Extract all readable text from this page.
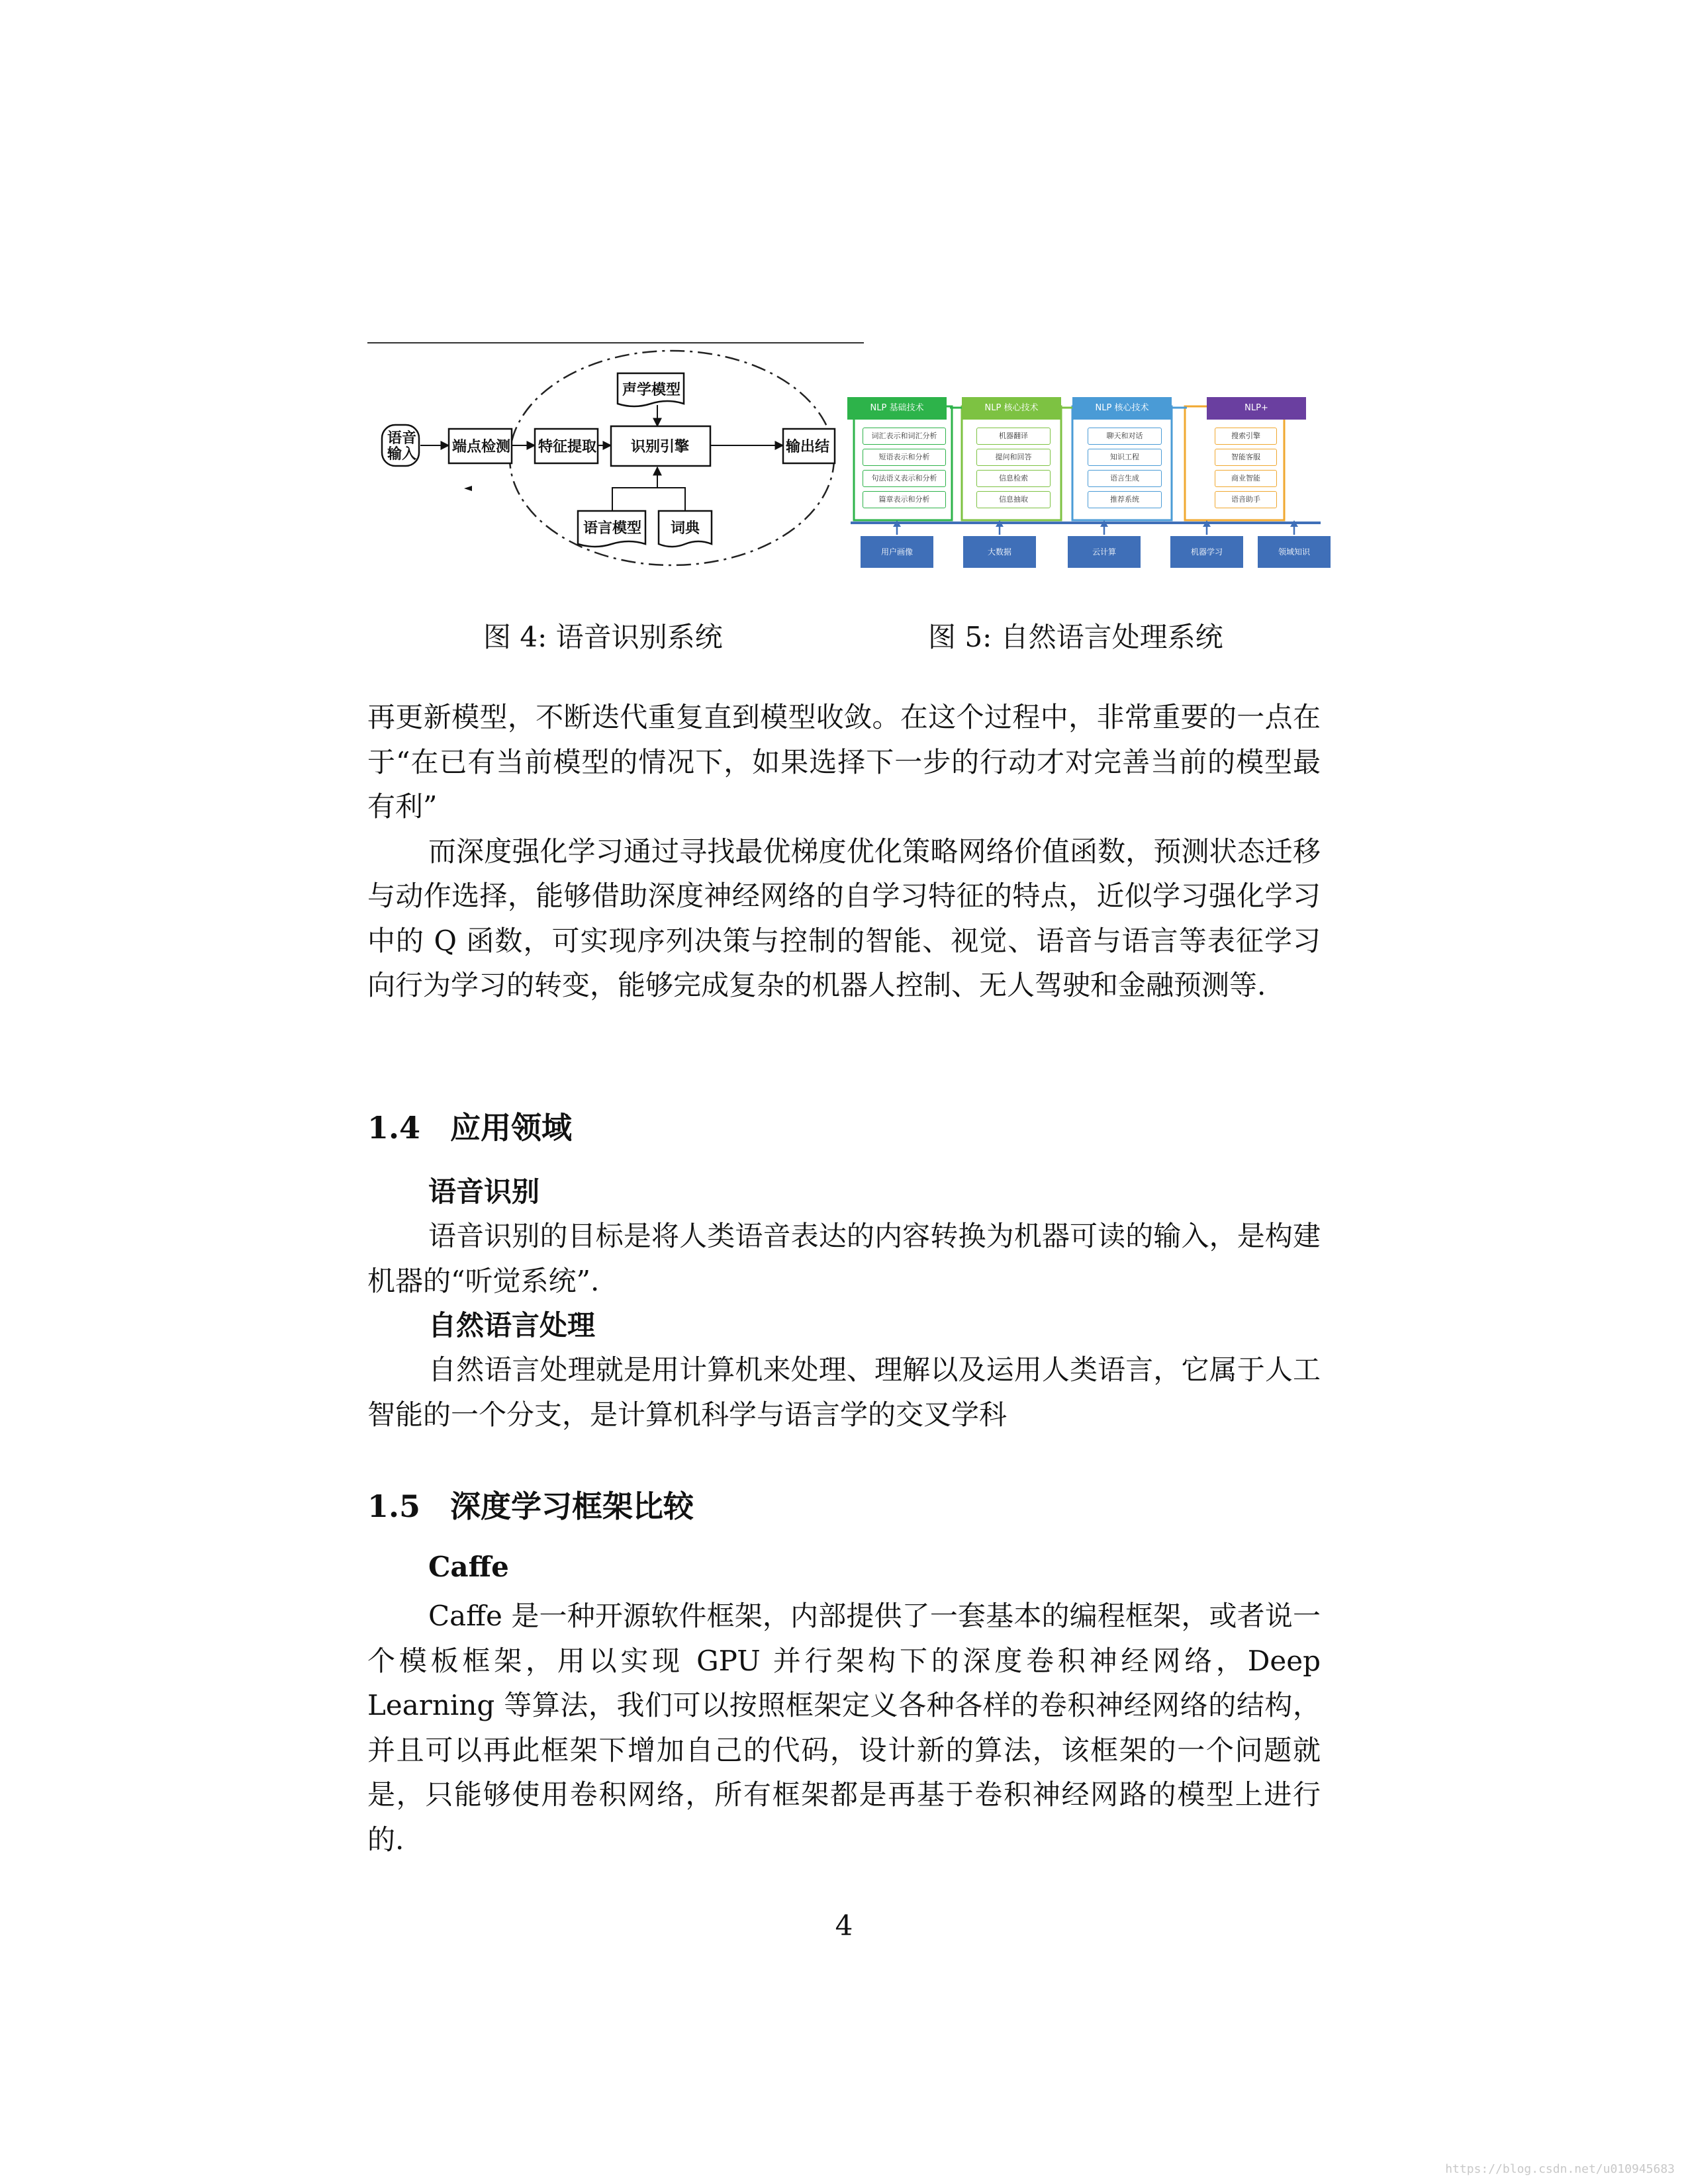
语音
输入 端点检测 特征提取 识别引擎	输出结
声学模型
语言模型 词典
NLP 基础技术	NLP 核心技术	NLP 核心技术	NLP+
词汇表示和词汇分析
短语表示和分析
句法语义表示和分析
篇章表示和分析
机器翻译
提问和回答
信息检索
信息抽取
聊天和对话
知识工程
语言生成
推荐系统
搜索引擎
智能客服
商业智能
语音助手
用户画像	大数据	云计算	机器学习	领域知识
图 4: 语音识别系统	图 5: 自然语言处理系统

再更新模型，不断迭代重复直到模型收敛。在这个过程中，非常重要的一点在于“在已有当前模型的情况下，如果选择下一步的行动才对完善当前的模型最有利”

而深度强化学习通过寻找最优梯度优化策略网络价值函数，预测状态迁移与动作选择，能够借助深度神经网络的自学习特征的特点，近似学习强化学习中的 Q 函数，可实现序列决策与控制的智能、视觉、语音与语言等表征学习向行为学习的转变，能够完成复杂的机器人控制、无人驾驶和金融预测等.

1.4 应用领域
语音识别

语音识别的目标是将人类语音表达的内容转换为机器可读的输入，是构建机器的“听觉系统”.

自然语言处理

自然语言处理就是用计算机来处理、理解以及运用人类语言，它属于人工智能的一个分支，是计算机科学与语言学的交叉学科

1.5 深度学习框架比较
Caffe

Caffe 是一种开源软件框架，内部提供了一套基本的编程框架，或者说一个模板框架，用以实现 GPU 并行架构下的深度卷积神经网络，Deep Learning 等算法，我们可以按照框架定义各种各样的卷积神经网络的结构，并且可以再此框架下增加自己的代码，设计新的算法，该框架的一个问题就是，只能够使用卷积网络，所有框架都是再基于卷积神经网路的模型上进行的.

4
https://blog.csdn.net/u010945683
